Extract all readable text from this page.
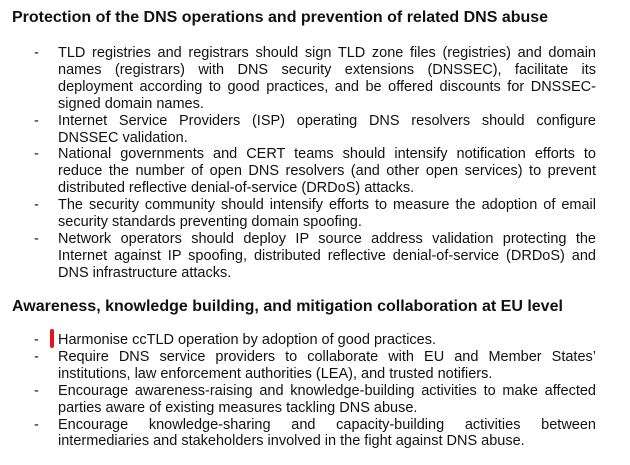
Protection of the DNS operations and prevention of related DNS abuse
- TLD registries and registrars should sign TLD zone files (registries) and domain names (registrars) with DNS security extensions (DNSSEC), facilitate its deployment according to good practices, and be offered discounts for DNSSEC-signed domain names.
- Internet Service Providers (ISP) operating DNS resolvers should configure DNSSEC validation.
- National governments and CERT teams should intensify notification efforts to reduce the number of open DNS resolvers (and other open services) to prevent distributed reflective denial-of-service (DRDoS) attacks.
- The security community should intensify efforts to measure the adoption of email security standards preventing domain spoofing.
- Network operators should deploy IP source address validation protecting the Internet against IP spoofing, distributed reflective denial-of-service (DRDoS) and DNS infrastructure attacks.
Awareness, knowledge building, and mitigation collaboration at EU level
- Harmonise ccTLD operation by adoption of good practices.
- Require DNS service providers to collaborate with EU and Member States’ institutions, law enforcement authorities (LEA), and trusted notifiers.
- Encourage awareness-raising and knowledge-building activities to make affected parties aware of existing measures tackling DNS abuse.
- Encourage knowledge-sharing and capacity-building activities between intermediaries and stakeholders involved in the fight against DNS abuse.
